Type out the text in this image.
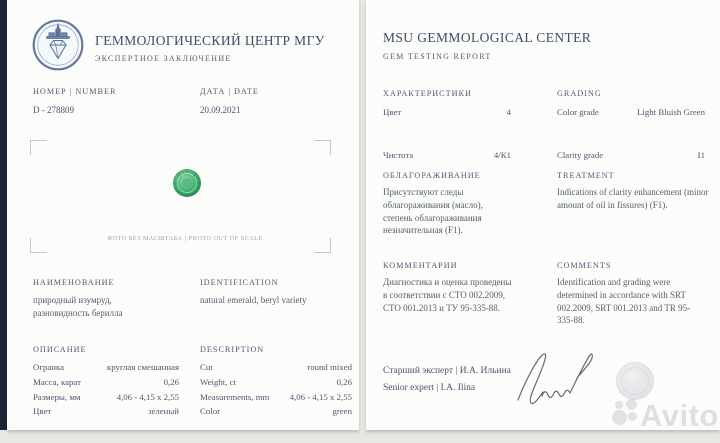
ГЕММОЛОГИЧЕСКИЙ ЦЕНТР МГУ
ЭКСПЕРТНОЕ ЗАКЛЮЧЕНИЕ
НОМЕР | NUMBER
D - 278809
ДАТА | DATE
20.09.2021
ФОТО БЕЗ МАСШТАБА | PHOTO OUT OF SCALE
НАИМЕНОВАНИЕ
природный изумруд, разновидность берилла
IDENTIFICATION
natural emerald, beryl variety
ОПИСАНИЕ	DESCRIPTION
Огранка	круглая смешанная
Масса, карат	0,26
Размеры, мм	4,06 - 4,15 x 2,55
Цвет	зеленый
Cut	round mixed
Weight, ct	0,26
Measurements, mm 4,06 - 4,15 x 2,55
Color	green
MSU GEMMOLOGICAL CENTER
GEM TESTING REPORT
ХАРАКТЕРИСТИКИ	GRADING
Цвет	4	Color grade	Light Bluish Green
Чистота	4/К1	Clarity grade	I1
ОБЛАГОРАЖИВАНИЕ
Присутствуют следы облагораживания (масло), степень облагораживания незначительная (F1).
TREATMENT
Indications of clarity enhancement (minor amount of oil in fissures) (F1).
КОММЕНТАРИИ
Диагностика и оценка проведены в соответствии с СТО 002.2009, СТО 001.2013 и ТУ 95-335-88.
COMMENTS
Identification and grading were determined in accordance with SRT 002.2009, SRT 001.2013 and TR 95-335-88.
Старший эксперт | И.А. Ильина
Senior expert | I.A. Ilina
Avito
